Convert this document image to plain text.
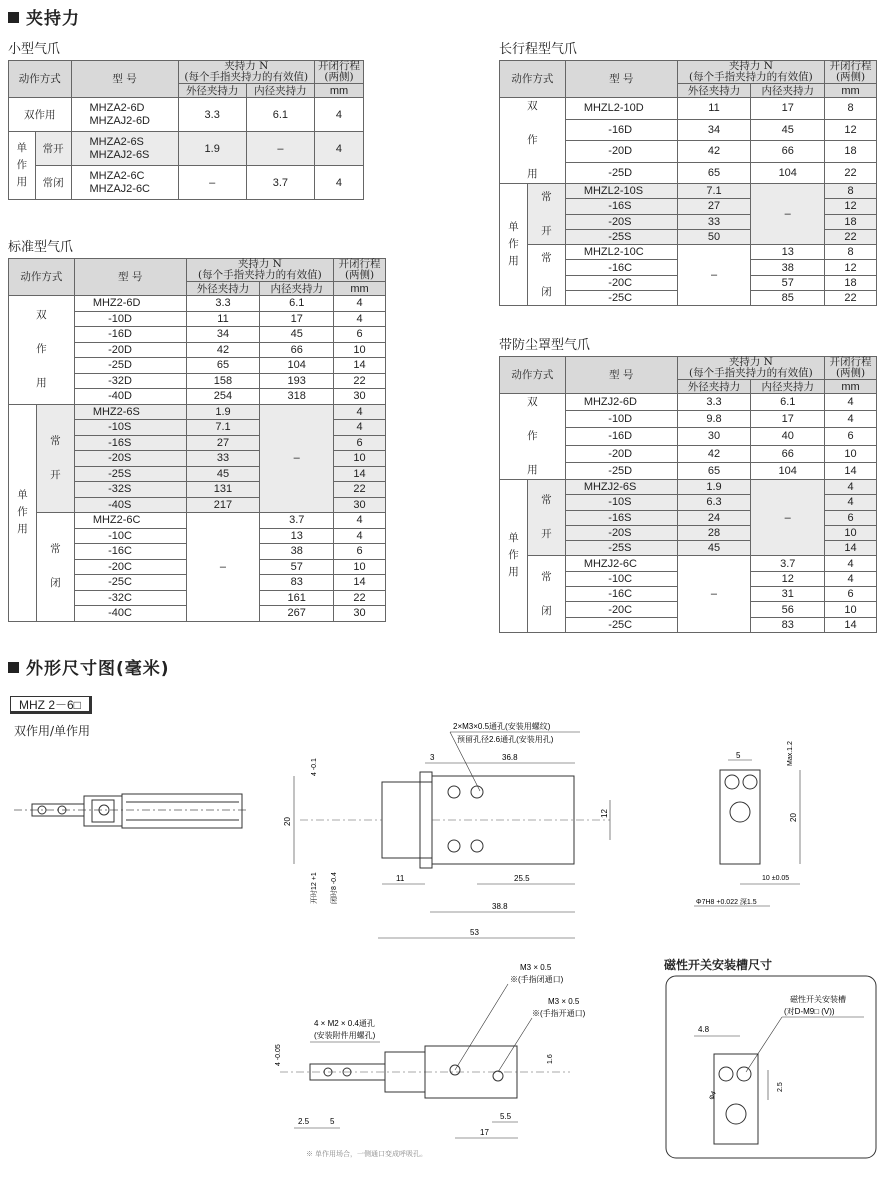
夹持力
小型气爪
动作方式		型 号	夹持力 N
(每个手指夹持力的有效值)		开闭行程
(两侧)
			外径夹持力	内径夹持力	mm
双作用		MHZA2-6D
MHZAJ2-6D	3.3	6.1	4
单
作
用	常开	MHZA2-6S
MHZAJ2-6S	1.9	–	4
	常闭	MHZA2-6C
MHZAJ2-6C	–	3.7	4
标准型气爪
动作方式		型 号	夹持力 N
(每个手指夹持力的有效值)		开闭行程
(两侧)
			外径夹持力	内径夹持力	mm
双

作

用		MHZ2-6D	3.3	6.1	4
		-10D	11	17	4
		-16D	34	45	6
		-20D	42	66	10
		-25D	65	104	14
		-32D	158	193	22
		-40D	254	318	30
单
作
用	常

开	MHZ2-6S	1.9	–	4
		-10S	7.1		4
		-16S	27		6
		-20S	33		10
		-25S	45		14
		-32S	131		22
		-40S	217		30
	常

闭	MHZ2-6C	–	3.7	4
		-10C		13	4
		-16C		38	6
		-20C		57	10
		-25C		83	14
		-32C		161	22
		-40C		267	30
长行程型气爪
动作方式		型 号	夹持力 N
(每个手指夹持力的有效值)		开闭行程
(两侧)
			外径夹持力	内径夹持力	mm
双

作

用		MHZL2-10D	11	17	8
		-16D	34	45	12
		-20D	42	66	18
		-25D	65	104	22
单
作
用	常

开	MHZL2-10S	7.1	–	8
		-16S	27		12
		-20S	33		18
		-25S	50		22
	常

闭	MHZL2-10C	–	13	8
		-16C		38	12
		-20C		57	18
		-25C		85	22
带防尘罩型气爪
动作方式		型 号	夹持力 N
(每个手指夹持力的有效值)		开闭行程
(两侧)
			外径夹持力	内径夹持力	mm
双

作

用		MHZJ2-6D	3.3	6.1	4
		-10D	9.8	17	4
		-16D	30	40	6
		-20D	42	66	10
		-25D	65	104	14
单
作
用	常

开	MHZJ2-6S	1.9	–	4
		-10S	6.3		4
		-16S	24		6
		-20S	28		10
		-25S	45		14
	常

闭	MHZJ2-6C	–	3.7	4
		-10C		12	4
		-16C		31	6
		-20C		56	10
		-25C		83	14
外形尺寸图(毫米)
MHZ 2－6□
双作用/单作用	2×M3×0.5通孔(安装用螺纹)
预留孔径2.6通孔(安装用孔)
3	36.8
20
4 -0.1
开时12 +1 闭时8 -0.4
12
11	25.5
38.8
53
5	Max.1.2
20
10 ±0.05
Φ7H8 +0.022 深1.5
M3 × 0.5
※(手指闭通口)
M3 × 0.5
※(手指开通口)
4 × M2 × 0.4通孔
(安装附件用螺孔)
4 -0.05	1.6
2.5	5
5.5
17
※ 单作用场合，一侧通口变成呼吸孔。
磁性开关安装槽尺寸
磁性开关安装槽
(对D-M9□ (V))
4.8
φ4
2.5
